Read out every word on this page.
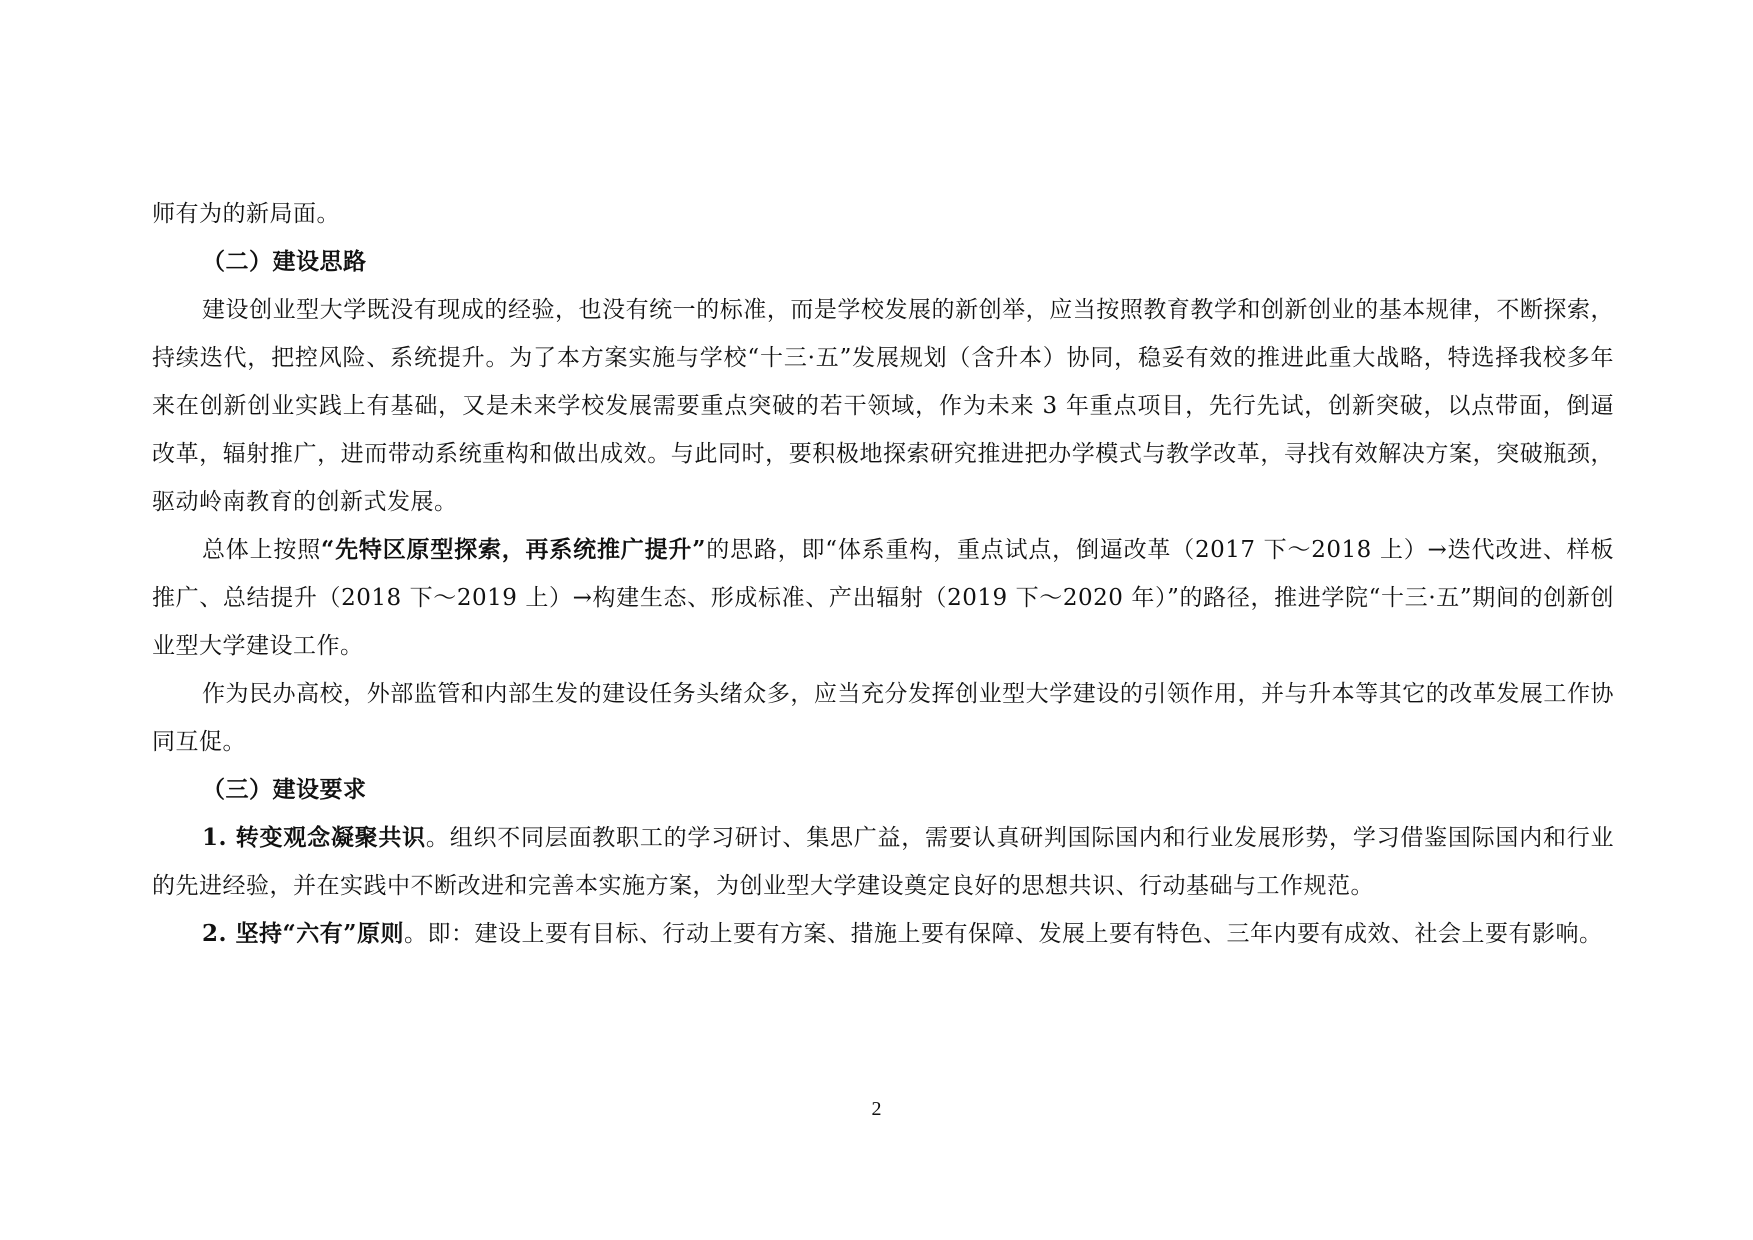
师有为的新局面。

（二）建设思路

建设创业型大学既没有现成的经验，也没有统一的标准，而是学校发展的新创举，应当按照教育教学和创新创业的基本规律，不断探索，持续迭代，把控风险、系统提升。为了本方案实施与学校“十三·五”发展规划（含升本）协同，稳妥有效的推进此重大战略，特选择我校多年来在创新创业实践上有基础，又是未来学校发展需要重点突破的若干领域，作为未来 3 年重点项目，先行先试，创新突破，以点带面，倒逼改革，辐射推广，进而带动系统重构和做出成效。与此同时，要积极地探索研究推进把办学模式与教学改革，寻找有效解决方案，突破瓶颈，驱动岭南教育的创新式发展。

总体上按照“先特区原型探索，再系统推广提升”的思路，即“体系重构，重点试点，倒逼改革（2017 下～2018 上）→迭代改进、样板推广、总结提升（2018 下～2019 上）→构建生态、形成标准、产出辐射（2019 下～2020 年）”的路径，推进学院“十三·五”期间的创新创业型大学建设工作。

作为民办高校，外部监管和内部生发的建设任务头绪众多，应当充分发挥创业型大学建设的引领作用，并与升本等其它的改革发展工作协同互促。

（三）建设要求

1. 转变观念凝聚共识。组织不同层面教职工的学习研讨、集思广益，需要认真研判国际国内和行业发展形势，学习借鉴国际国内和行业的先进经验，并在实践中不断改进和完善本实施方案，为创业型大学建设奠定良好的思想共识、行动基础与工作规范。

2. 坚持“六有”原则。即：建设上要有目标、行动上要有方案、措施上要有保障、发展上要有特色、三年内要有成效、社会上要有影响。

2
